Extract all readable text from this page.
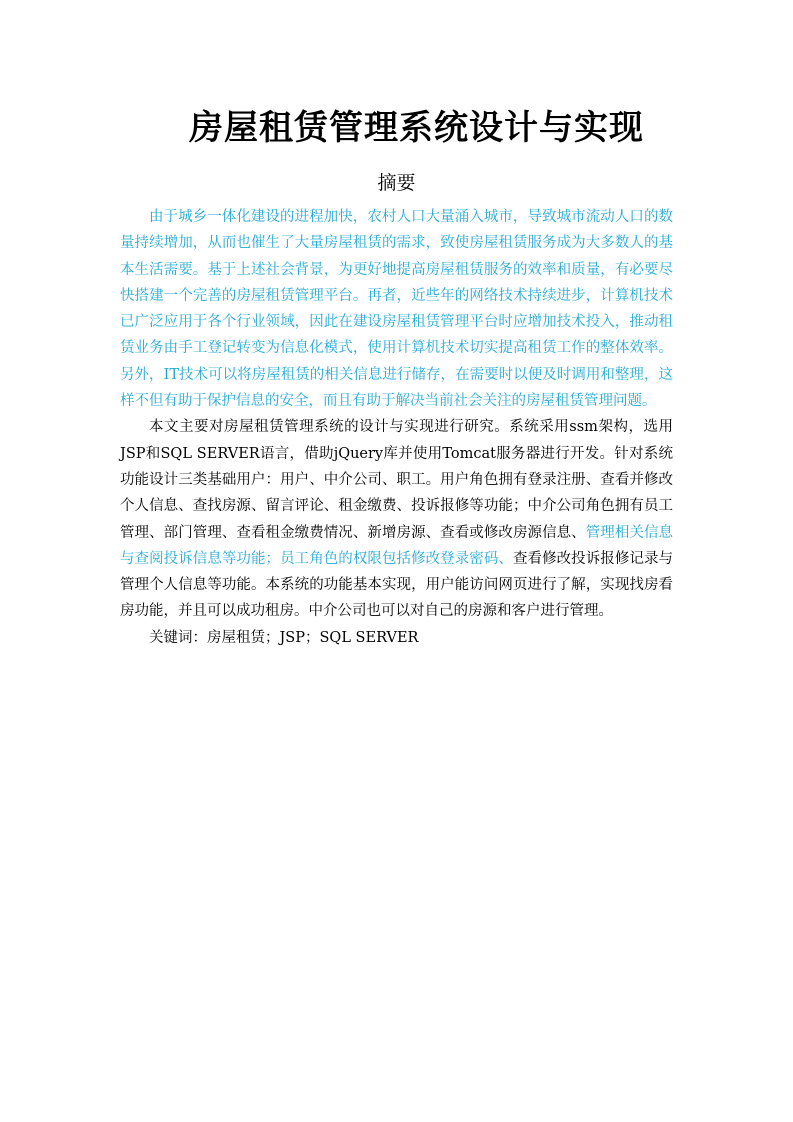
房屋租赁管理系统设计与实现
摘要

由于城乡一体化建设的进程加快，农村人口大量涌入城市，导致城市流动人口的数量持续增加，从而也催生了大量房屋租赁的需求，致使房屋租赁服务成为大多数人的基本生活需要。基于上述社会背景，为更好地提高房屋租赁服务的效率和质量，有必要尽快搭建一个完善的房屋租赁管理平台。再者，近些年的网络技术持续进步，计算机技术已广泛应用于各个行业领域，因此在建设房屋租赁管理平台时应增加技术投入，推动租赁业务由手工登记转变为信息化模式，使用计算机技术切实提高租赁工作的整体效率。另外，IT技术可以将房屋租赁的相关信息进行储存，在需要时以便及时调用和整理，这样不但有助于保护信息的安全，而且有助于解决当前社会关注的房屋租赁管理问题。

本文主要对房屋租赁管理系统的设计与实现进行研究。系统采用ssm架构，选用JSP和SQL SERVER语言，借助jQuery库并使用Tomcat服务器进行开发。针对系统功能设计三类基础用户：用户、中介公司、职工。用户角色拥有登录注册、查看并修改个人信息、查找房源、留言评论、租金缴费、投诉报修等功能；中介公司角色拥有员工管理、部门管理、查看租金缴费情况、新增房源、查看或修改房源信息、管理相关信息与查阅投诉信息等功能；员工角色的权限包括修改登录密码、查看修改投诉报修记录与管理个人信息等功能。本系统的功能基本实现，用户能访问网页进行了解，实现找房看房功能，并且可以成功租房。中介公司也可以对自己的房源和客户进行管理。

关键词：房屋租赁；JSP；SQL SERVER
